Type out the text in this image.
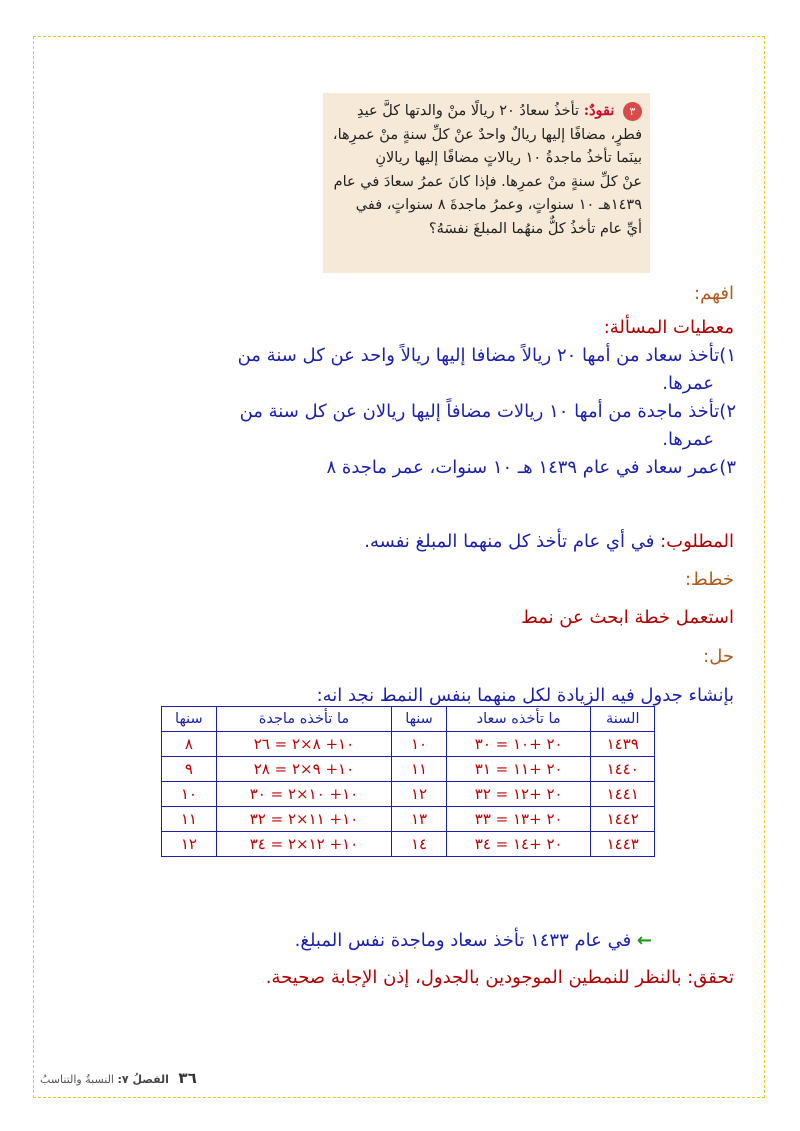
٣ نقودٌ: تأخذُ سعادُ ٢٠ ريالًا منْ والدتها كلَّ عيدِ

فطرٍ، مضافًا إليها ريالٌ واحدٌ عنْ كلِّ سنةٍ منْ عمرِها،

بينَما تأخذُ ماجدةُ ١٠ ريالاتٍ مضافًا إليها ريالانِ

عنْ كلِّ سنةٍ منْ عمرِها. فإذا كانَ عمرُ سعادَ في عام

١٤٣٩هـ ١٠ سنواتٍ، وعمرُ ماجدةَ ٨ سنواتٍ، ففي

أيِّ عام تأخذُ كلٌّ منهُما المبلغَ نفسَهُ؟

افهم:
معطيات المسألة:
١)تأخذ سعاد من أمها ٢٠ ريالاً مضافا إليها ريالاً واحد عن كل سنة من
عمرها.
٢)تأخذ ماجدة من أمها ١٠ ريالات مضافاً إليها ريالان عن كل سنة من
عمرها.
٣)عمر سعاد في عام ١٤٣٩ هـ ١٠ سنوات، عمر ماجدة ٨
المطلوب: في أي عام تأخذ كل منهما المبلغ نفسه.
خطط:
استعمل خطة ابحث عن نمط
حل:
بإنشاء جدول فيه الزيادة لكل منهما بنفس النمط نجد انه:
السنة	ما تأخذه سعاد	سنها	ما تأخذه ماجدة	سنها
١٤٣٩	٢٠ +١٠ = ٣٠	١٠	١٠+ ٨×٢ = ٢٦	٨
١٤٤٠	٢٠ +١١ = ٣١	١١	١٠+ ٩×٢ = ٢٨	٩
١٤٤١	٢٠ +١٢ = ٣٢	١٢	١٠+ ١٠×٢ = ٣٠	١٠
١٤٤٢	٢٠ +١٣ = ٣٣	١٣	١٠+ ١١×٢ = ٣٢	١١
١٤٤٣	٢٠ +١٤ = ٣٤	١٤	١٠+ ١٢×٢ = ٣٤	١٢
← في عام ١٤٣٣ تأخذ سعاد وماجدة نفس المبلغ.
تحقق: بالنظر للنمطين الموجودين بالجدول، إذن الإجابة صحيحة.
٣٦ الفصلُ ٧: النسبةُ والتناسبُ
